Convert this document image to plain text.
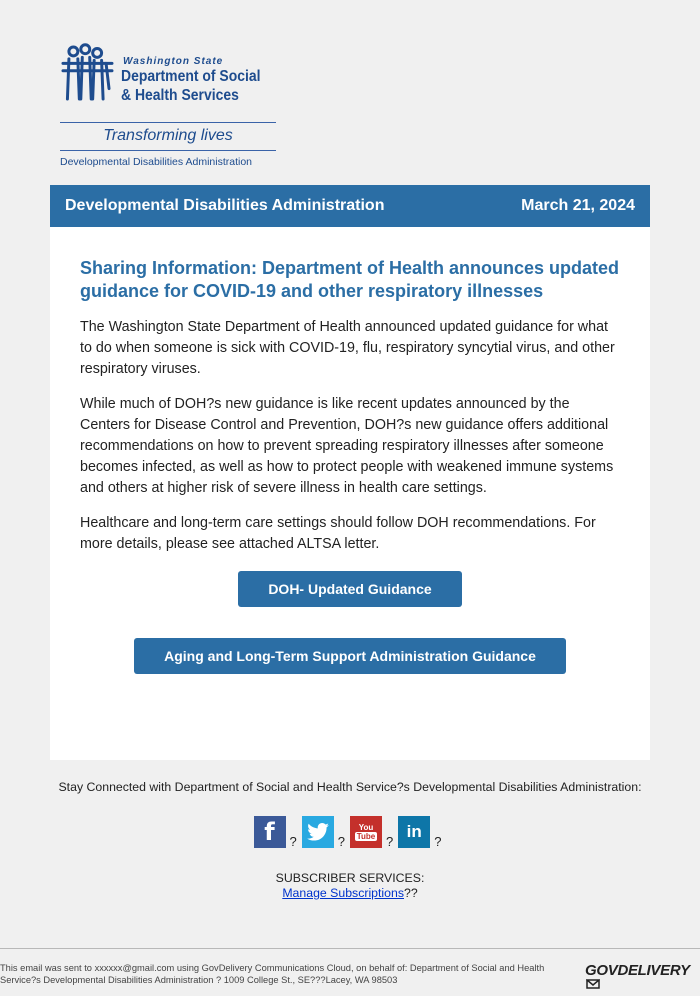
Washington State
Department of Social
& Health Services
Transforming lives
Developmental Disabilities Administration
Developmental Disabilities Administration	March 21, 2024
Sharing Information: Department of Health announces updated guidance for COVID-19 and other respiratory illnesses

The Washington State Department of Health announced updated guidance for what to do when someone is sick with COVID-19, flu, respiratory syncytial virus, and other respiratory viruses.

While much of DOH?s new guidance is like recent updates announced by the Centers for Disease Control and Prevention, DOH?s new guidance offers additional recommendations on how to prevent spreading respiratory illnesses after someone becomes infected, as well as how to protect people with weakened immune systems and others at higher risk of severe illness in health care settings.

Healthcare and long-term care settings should follow DOH recommendations. For more details, please see attached ALTSA letter.

DOH- Updated Guidance
Aging and Long-Term Support Administration Guidance
Stay Connected with Department of Social and Health Service?s Developmental Disabilities Administration:
f ?	?
You
Tube ?
in
?
SUBSCRIBER SERVICES:
Manage Subscriptions??
This email was sent to xxxxxx@gmail.com using GovDelivery Communications Cloud, on behalf of: Department of Social and Health Service?s Developmental Disabilities Administration ? 1009 College St., SE???Lacey, WA 98503
GOVDELIVERY
